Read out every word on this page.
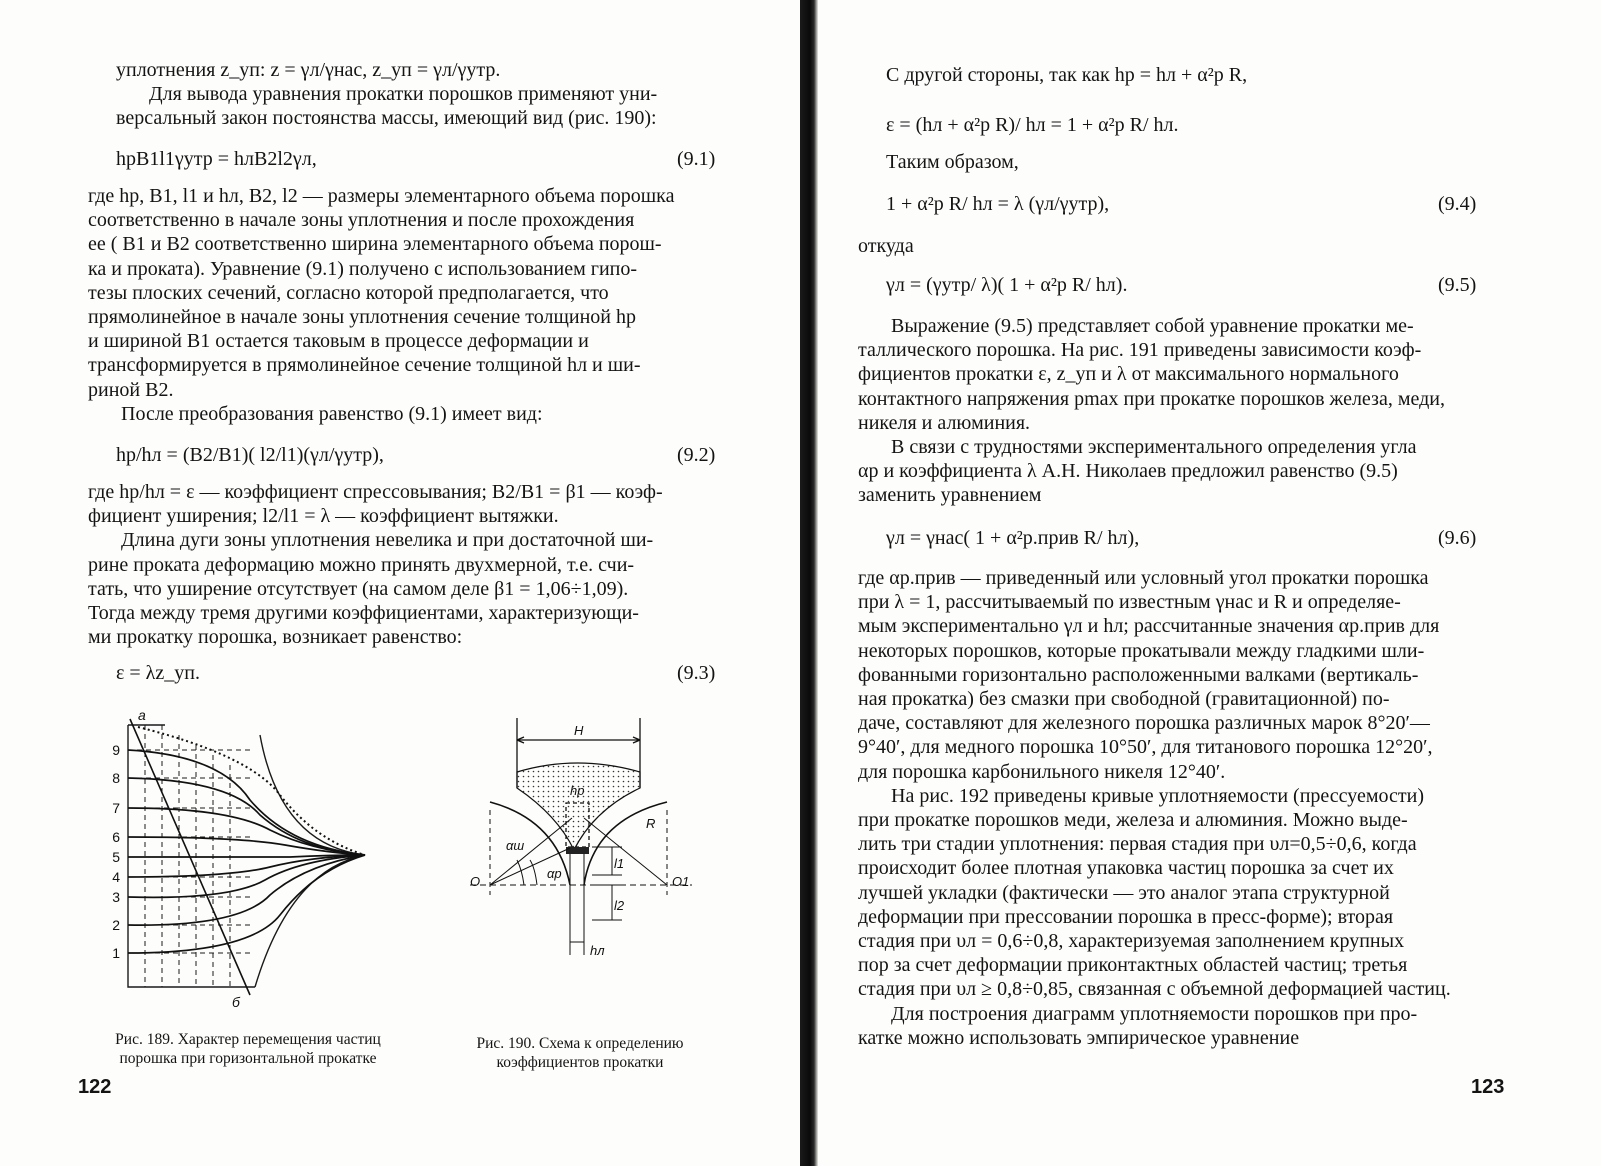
уплотнения z_уп: z = γл/γнас, z_уп = γл/γутр.
Для вывода уравнения прокатки порошков применяют уни-
версальный закон постоянства массы, имеющий вид (рис. 190):
hрB1l1γутр = hлB2l2γл,	(9.1)
где hр, B1, l1 и hл, B2, l2 — размеры элементарного объема порошка
соответственно в начале зоны уплотнения и после прохождения
ее ( B1 и B2 соответственно ширина элементарного объема порош-
ка и проката). Уравнение (9.1) получено с использованием гипо-
тезы плоских сечений, согласно которой предполагается, что
прямолинейное в начале зоны уплотнения сечение толщиной hр
и шириной B1 остается таковым в процессе деформации и
трансформируется в прямолинейное сечение толщиной hл и ши-
риной B2.
После преобразования равенство (9.1) имеет вид:
hр/hл = (B2/B1)( l2/l1)(γл/γутр),	(9.2)
где hр/hл = ε — коэффициент спрессовывания; B2/B1 = β1 — коэф-
фициент уширения; l2/l1 = λ — коэффициент вытяжки.
Длина дуги зоны уплотнения невелика и при достаточной ши-
рине проката деформацию можно принять двухмерной, т.е. счи-
тать, что уширение отсутствует (на самом деле β1 = 1,06÷1,09).
Тогда между тремя другими коэффициентами, характеризующи-
ми прокатку порошка, возникает равенство:
ε = λz_уп.	(9.3)
а
б
9
8
7
6
5
4
3
2
1
H
hр
R
αш
αр
O	O1
l1
l2
hл
Рис. 189. Характер перемещения частиц
порошка при горизонтальной прокатке
Рис. 190. Схема к определению
коэффициентов прокатки
122
С другой стороны, так как hр = hл + α²р R,
ε = (hл + α²р R)/ hл = 1 + α²р R/ hл.
Таким образом,
1 + α²р R/ hл = λ (γл/γутр),	(9.4)
откуда
γл = (γутр/ λ)( 1 + α²р R/ hл).	(9.5)
Выражение (9.5) представляет собой уравнение прокатки ме-
таллического порошка. На рис. 191 приведены зависимости коэф-
фициентов прокатки ε, z_уп и λ от максимального нормального
контактного напряжения pmax при прокатке порошков железа, меди,
никеля и алюминия.
В связи с трудностями экспериментального определения угла
αр и коэффициента λ А.Н. Николаев предложил равенство (9.5)
заменить уравнением
γл = γнас( 1 + α²р.прив R/ hл),	(9.6)
где αр.прив — приведенный или условный угол прокатки порошка
при λ = 1, рассчитываемый по известным γнас и R и определяе-
мым экспериментально γл и hл; рассчитанные значения αр.прив для
некоторых порошков, которые прокатывали между гладкими шли-
фованными горизонтально расположенными валками (вертикаль-
ная прокатка) без смазки при свободной (гравитационной) по-
даче, составляют для железного порошка различных марок 8°20′—
9°40′, для медного порошка 10°50′, для титанового порошка 12°20′,
для порошка карбонильного никеля 12°40′.
На рис. 192 приведены кривые уплотняемости (прессуемости)
при прокатке порошков меди, железа и алюминия. Можно выде-
лить три стадии уплотнения: первая стадия при υл=0,5÷0,6, когда
происходит более плотная упаковка частиц порошка за счет их
лучшей укладки (фактически — это аналог этапа структурной
деформации при прессовании порошка в пресс-форме); вторая
стадия при υл = 0,6÷0,8, характеризуемая заполнением крупных
пор за счет деформации приконтактных областей частиц; третья
стадия при υл ≥ 0,8÷0,85, связанная с объемной деформацией частиц.
Для построения диаграмм уплотняемости порошков при про-
катке можно использовать эмпирическое уравнение
123
